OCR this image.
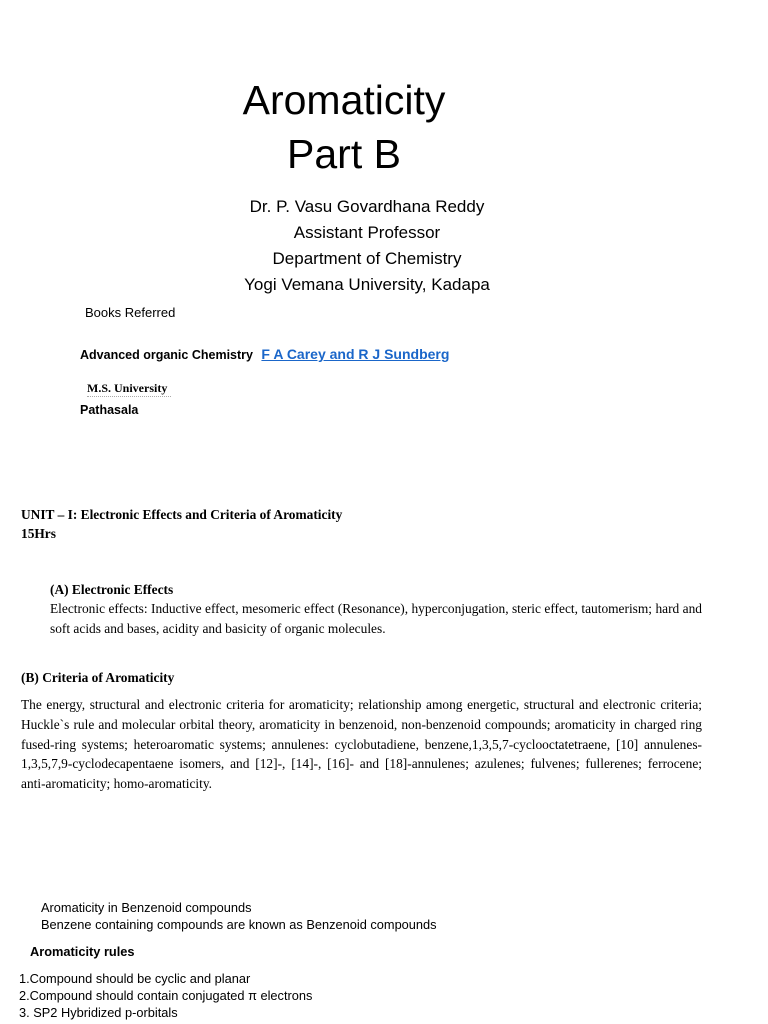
Aromaticity
Part B
Dr. P. Vasu Govardhana Reddy
Assistant Professor
Department of Chemistry
Yogi Vemana University, Kadapa
Books Referred
Advanced organic Chemistry F A Carey and R J Sundberg
M.S. University
Pathasala
UNIT – I: Electronic Effects and Criteria of Aromaticity
15Hrs
(A) Electronic Effects
Electronic effects: Inductive effect, mesomeric effect (Resonance), hyperconjugation, steric effect, tautomerism; hard and soft acids and bases, acidity and basicity of organic molecules.
(B) Criteria of Aromaticity
The energy, structural and electronic criteria for aromaticity; relationship among energetic, structural and electronic criteria; Huckle`s rule and molecular orbital theory, aromaticity in benzenoid, non-benzenoid compounds; aromaticity in charged ring fused-ring systems; heteroaromatic systems; annulenes: cyclobutadiene, benzene,1,3,5,7-cyclooctatetraene, [10] annulenes-1,3,5,7,9-cyclodecapentaene isomers, and [12]-, [14]-, [16]- and [18]-annulenes; azulenes; fulvenes; fullerenes; ferrocene; anti-aromaticity; homo-aromaticity.
Aromaticity in Benzenoid compounds
Benzene containing compounds are known as Benzenoid compounds
Aromaticity rules
1.Compound should be cyclic and planar
2.Compound should contain conjugated π electrons
3. SP2 Hybridized p-orbitals
